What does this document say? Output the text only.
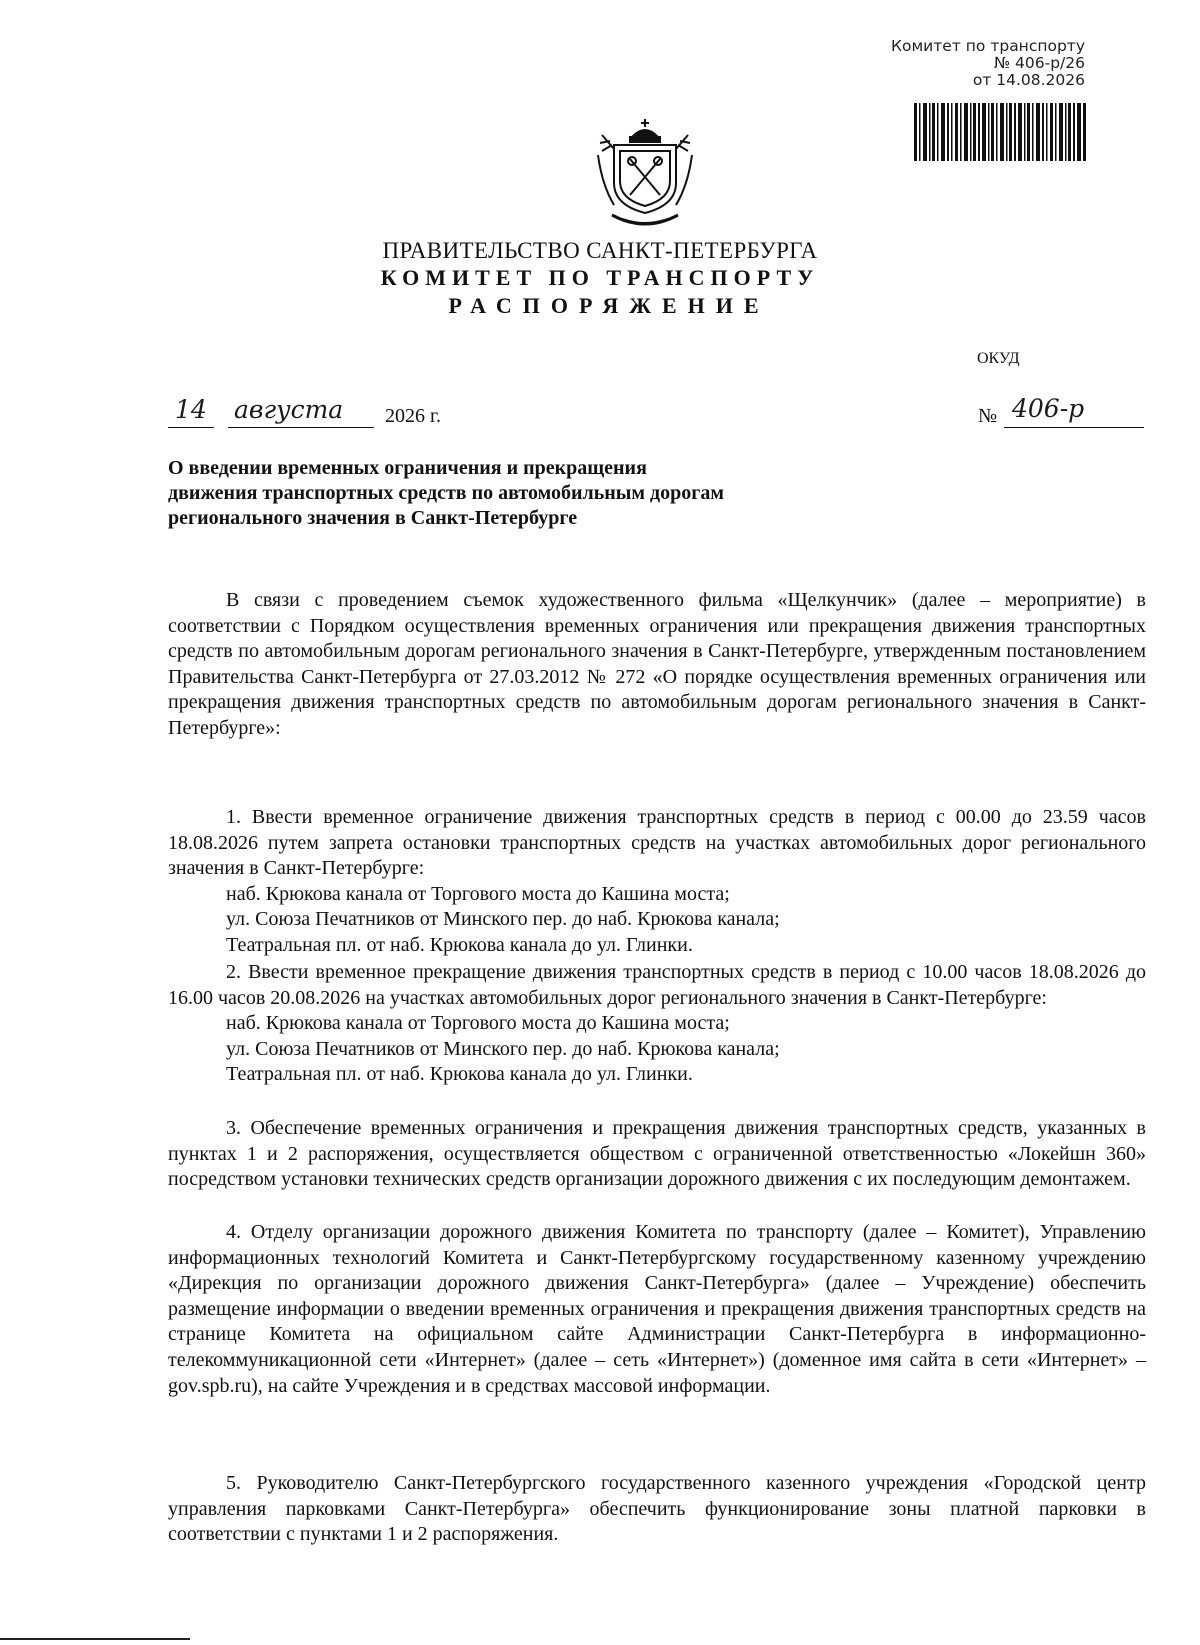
Комитет по транспорту
№ 406-р/26
от 14.08.2026
ПРАВИТЕЛЬСТВО САНКТ-ПЕТЕРБУРГА
КОМИТЕТ ПО ТРАНСПОРТУ
РАСПОРЯЖЕНИЕ
ОКУД
14 августа 2026 г.	№ 406-р
О введении временных ограничения и прекращения движения транспортных средств по автомобильным дорогам регионального значения в Санкт-Петербурге
В связи с проведением съемок художественного фильма «Щелкунчик» (далее – мероприятие) в соответствии с Порядком осуществления временных ограничения или прекращения движения транспортных средств по автомобильным дорогам регионального значения в Санкт-Петербурге, утвержденным постановлением Правительства Санкт-Петербурга от 27.03.2012 № 272 «О порядке осуществления временных ограничения или прекращения движения транспортных средств по автомобильным дорогам регионального значения в Санкт-Петербурге»:
1. Ввести временное ограничение движения транспортных средств в период с 00.00 до 23.59 часов 18.08.2026 путем запрета остановки транспортных средств на участках автомобильных дорог регионального значения в Санкт-Петербурге:
наб. Крюкова канала от Торгового моста до Кашина моста;
ул. Союза Печатников от Минского пер. до наб. Крюкова канала;
Театральная пл. от наб. Крюкова канала до ул. Глинки.
2. Ввести временное прекращение движения транспортных средств в период с 10.00 часов 18.08.2026 до 16.00 часов 20.08.2026 на участках автомобильных дорог регионального значения в Санкт-Петербурге:
наб. Крюкова канала от Торгового моста до Кашина моста;
ул. Союза Печатников от Минского пер. до наб. Крюкова канала;
Театральная пл. от наб. Крюкова канала до ул. Глинки.
3. Обеспечение временных ограничения и прекращения движения транспортных средств, указанных в пунктах 1 и 2 распоряжения, осуществляется обществом с ограниченной ответственностью «Локейшн 360» посредством установки технических средств организации дорожного движения с их последующим демонтажем.
4. Отделу организации дорожного движения Комитета по транспорту (далее – Комитет), Управлению информационных технологий Комитета и Санкт-Петербургскому государственному казенному учреждению «Дирекция по организации дорожного движения Санкт-Петербурга» (далее – Учреждение) обеспечить размещение информации о введении временных ограничения и прекращения движения транспортных средств на странице Комитета на официальном сайте Администрации Санкт-Петербурга в информационно-телекоммуникационной сети «Интернет» (далее – сеть «Интернет») (доменное имя сайта в сети «Интернет» – gov.spb.ru), на сайте Учреждения и в средствах массовой информации.
5. Руководителю Санкт-Петербургского государственного казенного учреждения «Городской центр управления парковками Санкт-Петербурга» обеспечить функционирование зоны платной парковки в соответствии с пунктами 1 и 2 распоряжения.
